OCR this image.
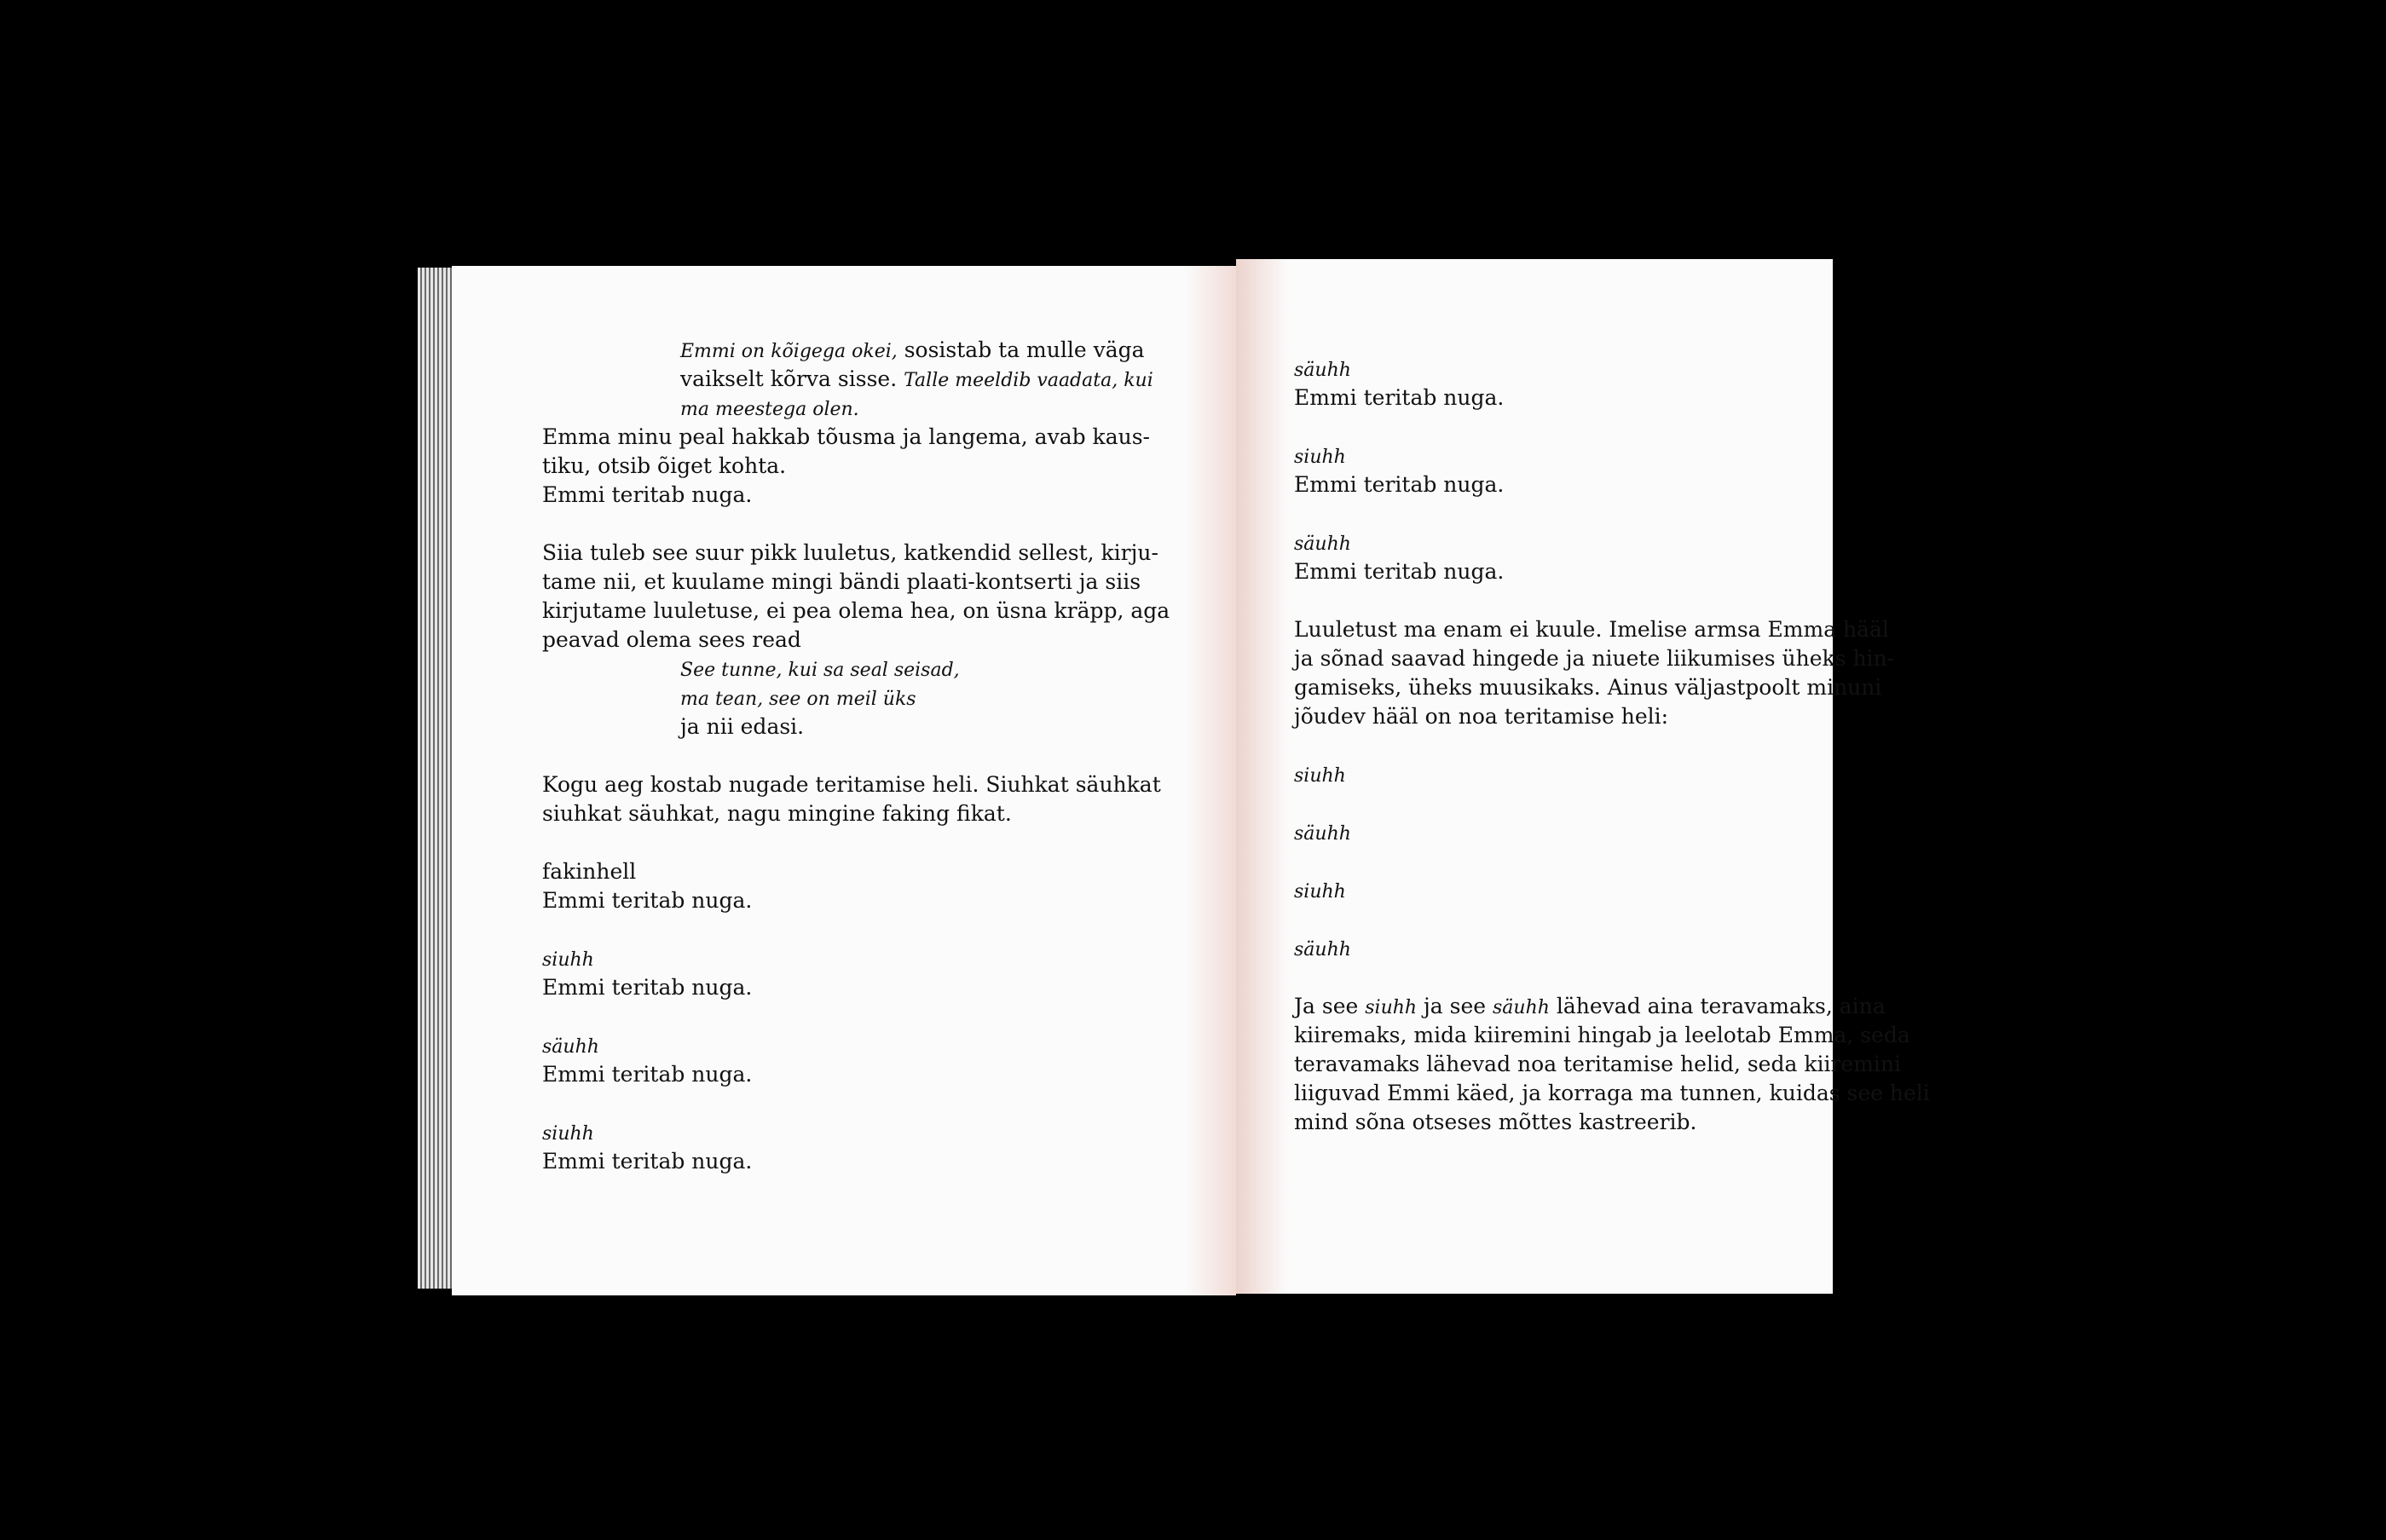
Emmi on kõigega okei, sosistab ta mulle väga
vaikselt kõrva sisse. Talle meeldib vaadata, kui
ma meestega olen.
Emma minu peal hakkab tõusma ja langema, avab kaus-
tiku, otsib õiget kohta.
Emmi teritab nuga.
Siia tuleb see suur pikk luuletus, katkendid sellest, kirju-
tame nii, et kuulame mingi bändi plaati-kontserti ja siis
kirjutame luuletuse, ei pea olema hea, on üsna kräpp, aga
peavad olema sees read
See tunne, kui sa seal seisad,
ma tean, see on meil üks
ja nii edasi.
Kogu aeg kostab nugade teritamise heli. Siuhkat säuhkat
siuhkat säuhkat, nagu mingine faking fikat.
fakinhell
Emmi teritab nuga.
siuhh
Emmi teritab nuga.
säuhh
Emmi teritab nuga.
siuhh
Emmi teritab nuga.
säuhh
Emmi teritab nuga.
siuhh
Emmi teritab nuga.
säuhh
Emmi teritab nuga.
Luuletust ma enam ei kuule. Imelise armsa Emma hääl
ja sõnad saavad hingede ja niuete liikumises üheks hin-
gamiseks, üheks muusikaks. Ainus väljastpoolt minuni
jõudev hääl on noa teritamise heli:
siuhh
säuhh
siuhh
säuhh
Ja see siuhh ja see säuhh lähevad aina teravamaks, aina
kiiremaks, mida kiiremini hingab ja leelotab Emma, seda
teravamaks lähevad noa teritamise helid, seda kiiremini
liiguvad Emmi käed, ja korraga ma tunnen, kuidas see heli
mind sõna otseses mõttes kastreerib.
